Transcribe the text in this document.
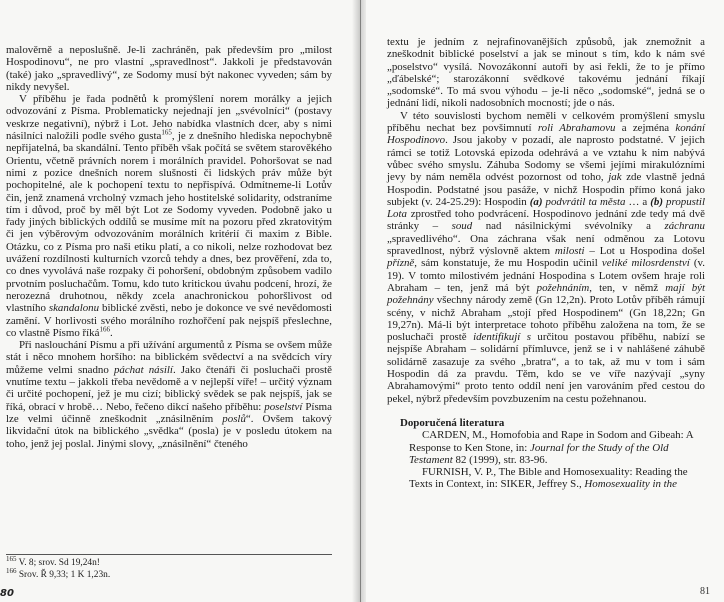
malověrně a neposlušně. Je-li zachráněn, pak především pro „milost Hospodinovu“, ne pro vlastní „spravedlnost“. Jakkoli je představován (také) jako „spravedlivý“, ze Sodomy musí být nakonec vyveden; sám by nikdy nevyšel.

V příběhu je řada podnětů k promýšlení norem morálky a jejich odvozování z Písma. Problematicky nejednají jen „svévolníci“ (postavy veskrze negativní), nýbrž i Lot. Jeho nabídka vlastních dcer, aby s nimi násilníci naložili podle svého gusta$^{165}$, je z dnešního hlediska nepochybně nepřijatelná, ba skandální. Tento příběh však počítá se světem starověkého Orientu, včetně právních norem i morálních pravidel. Pohoršovat se nad nimi z pozice dnešních norem slušnosti či lidských práv může být pochopitelné, ale k pochopení textu to nepřispívá. Odmítneme-li Lotův čin, jenž znamená vrcholný vzmach jeho hostitelské solidarity, odstraníme tím i důvod, proč by měl být Lot ze Sodomy vyveden. Podobně jako u řady jiných biblických oddílů se musíme mít na pozoru před zkratovitým či jen výběrovým odvozováním morálních kritérií či maxim z Bible. Otázku, co z Písma pro naši etiku platí, a co nikoli, nelze rozhodovat bez uvážení rozdílnosti kulturních vzorců tehdy a dnes, bez prověření, zda to, co dnes vyvolává naše rozpaky či pohoršení, obdobným způsobem vadilo prvotním posluchačům. Tomu, kdo tuto kritickou úvahu podcení, hrozí, že nerozezná druhotnou, někdy zcela anachronickou pohoršlivost od vlastního skandalonu biblické zvěsti, nebo je dokonce ve své nevědomosti zamění. V horlivosti svého morálního rozhořčení pak nejspíš přeslechne, co vlastně Písmo říká$^{166}$.

Při naslouchání Písmu a při užívání argumentů z Písma se ovšem může stát i něco mnohem horšího: na biblickém svědectví a na svědcích víry můžeme velmi snadno páchat násilí. Jako čtenáři či posluchači prostě vnutíme textu – jakkoli třeba nevědomě a v nejlepší víře! – určitý význam či určité pochopení, jež je mu cizí; biblický svědek se pak nejspíš, jak se říká, obrací v hrobě… Nebo, řečeno dikcí našeho příběhu: poselství Písma lze velmi účinně zneškodnit „znásilněním poslů“. Ovšem takový likvidační útok na biblického „svědka“ (posla) je v posledu útokem na toho, jenž jej poslal. Jinými slovy, „znásilnění“ čteného

$^{165}$ V. 8; srov. Sd 19,24n!

$^{166}$ Srov. Ř 9,33; 1 K 1,23n.

80

textu je jedním z nejrafinovanějších způsobů, jak znemožnit a zneškodnit biblické poselství a jak se minout s tím, kdo k nám své „poselstvo“ vysílá. Novozákonní autoři by asi řekli, že to je přímo „ďábelské“; starozákonní svědkové takovému jednání říkají „sodomské“. To má svou výhodu – je-li něco „sodomské“, jedná se o jednání lidí, nikoli nadosobních mocností; jde o nás.

V této souvislosti bychom neměli v celkovém promýšlení smyslu příběhu nechat bez povšimnutí roli Abrahamovu a zejména konání Hospodinovo. Jsou jakoby v pozadí, ale naprosto podstatné. V jejich rámci se totiž Lotovská epizoda odehrává a ve vztahu k nim nabývá vůbec svého smyslu. Záhuba Sodomy se všemi jejími mirakulózními jevy by nám neměla odvést pozornost od toho, jak zde vlastně jedná Hospodin. Podstatné jsou pasáže, v nichž Hospodin přímo koná jako subjekt (v. 24-25.29): Hospodin (a) podvrátil ta města … a (b) propustil Lota zprostřed toho podvrácení. Hospodinovo jednání zde tedy má dvě stránky – soud nad násilnickými svévolníky a záchranu „spravedlivého“. Ona záchrana však není odměnou za Lotovu spravedlnost, nýbrž výslovně aktem milosti – Lot u Hospodina došel přízně, sám konstatuje, že mu Hospodin učinil veliké milosrdenství (v. 19). V tomto milostivém jednání Hospodina s Lotem ovšem hraje roli Abraham – ten, jenž má být požehnáním, ten, v němž mají být požehnány všechny národy země (Gn 12,2n). Proto Lotův příběh rámují scény, v nichž Abraham „stojí před Hospodinem“ (Gn 18,22n; Gn 19,27n). Má-li být interpretace tohoto příběhu založena na tom, že se posluchači prostě identifikují s určitou postavou příběhu, nabízí se nejspíše Abraham – solidární přímluvce, jenž se i v nahlášené záhubě solidárně zasazuje za svého „bratra“, a to tak, až mu v tom i sám Hospodin dá za pravdu. Těm, kdo se ve víře nazývají „syny Abrahamovými“ proto tento oddíl není jen varováním před cestou do pekel, nýbrž především povzbuzením na cestu požehnanou.

Doporučená literatura

CARDEN, M., Homofobia and Rape in Sodom and Gibeah: A Response to Ken Stone, in: Journal for the Study of the Old Testament 82 (1999), str. 83-96.

FURNISH, V. P., The Bible and Homosexuality: Reading the Texts in Context, in: SIKER, Jeffrey S., Homosexuality in the

81
